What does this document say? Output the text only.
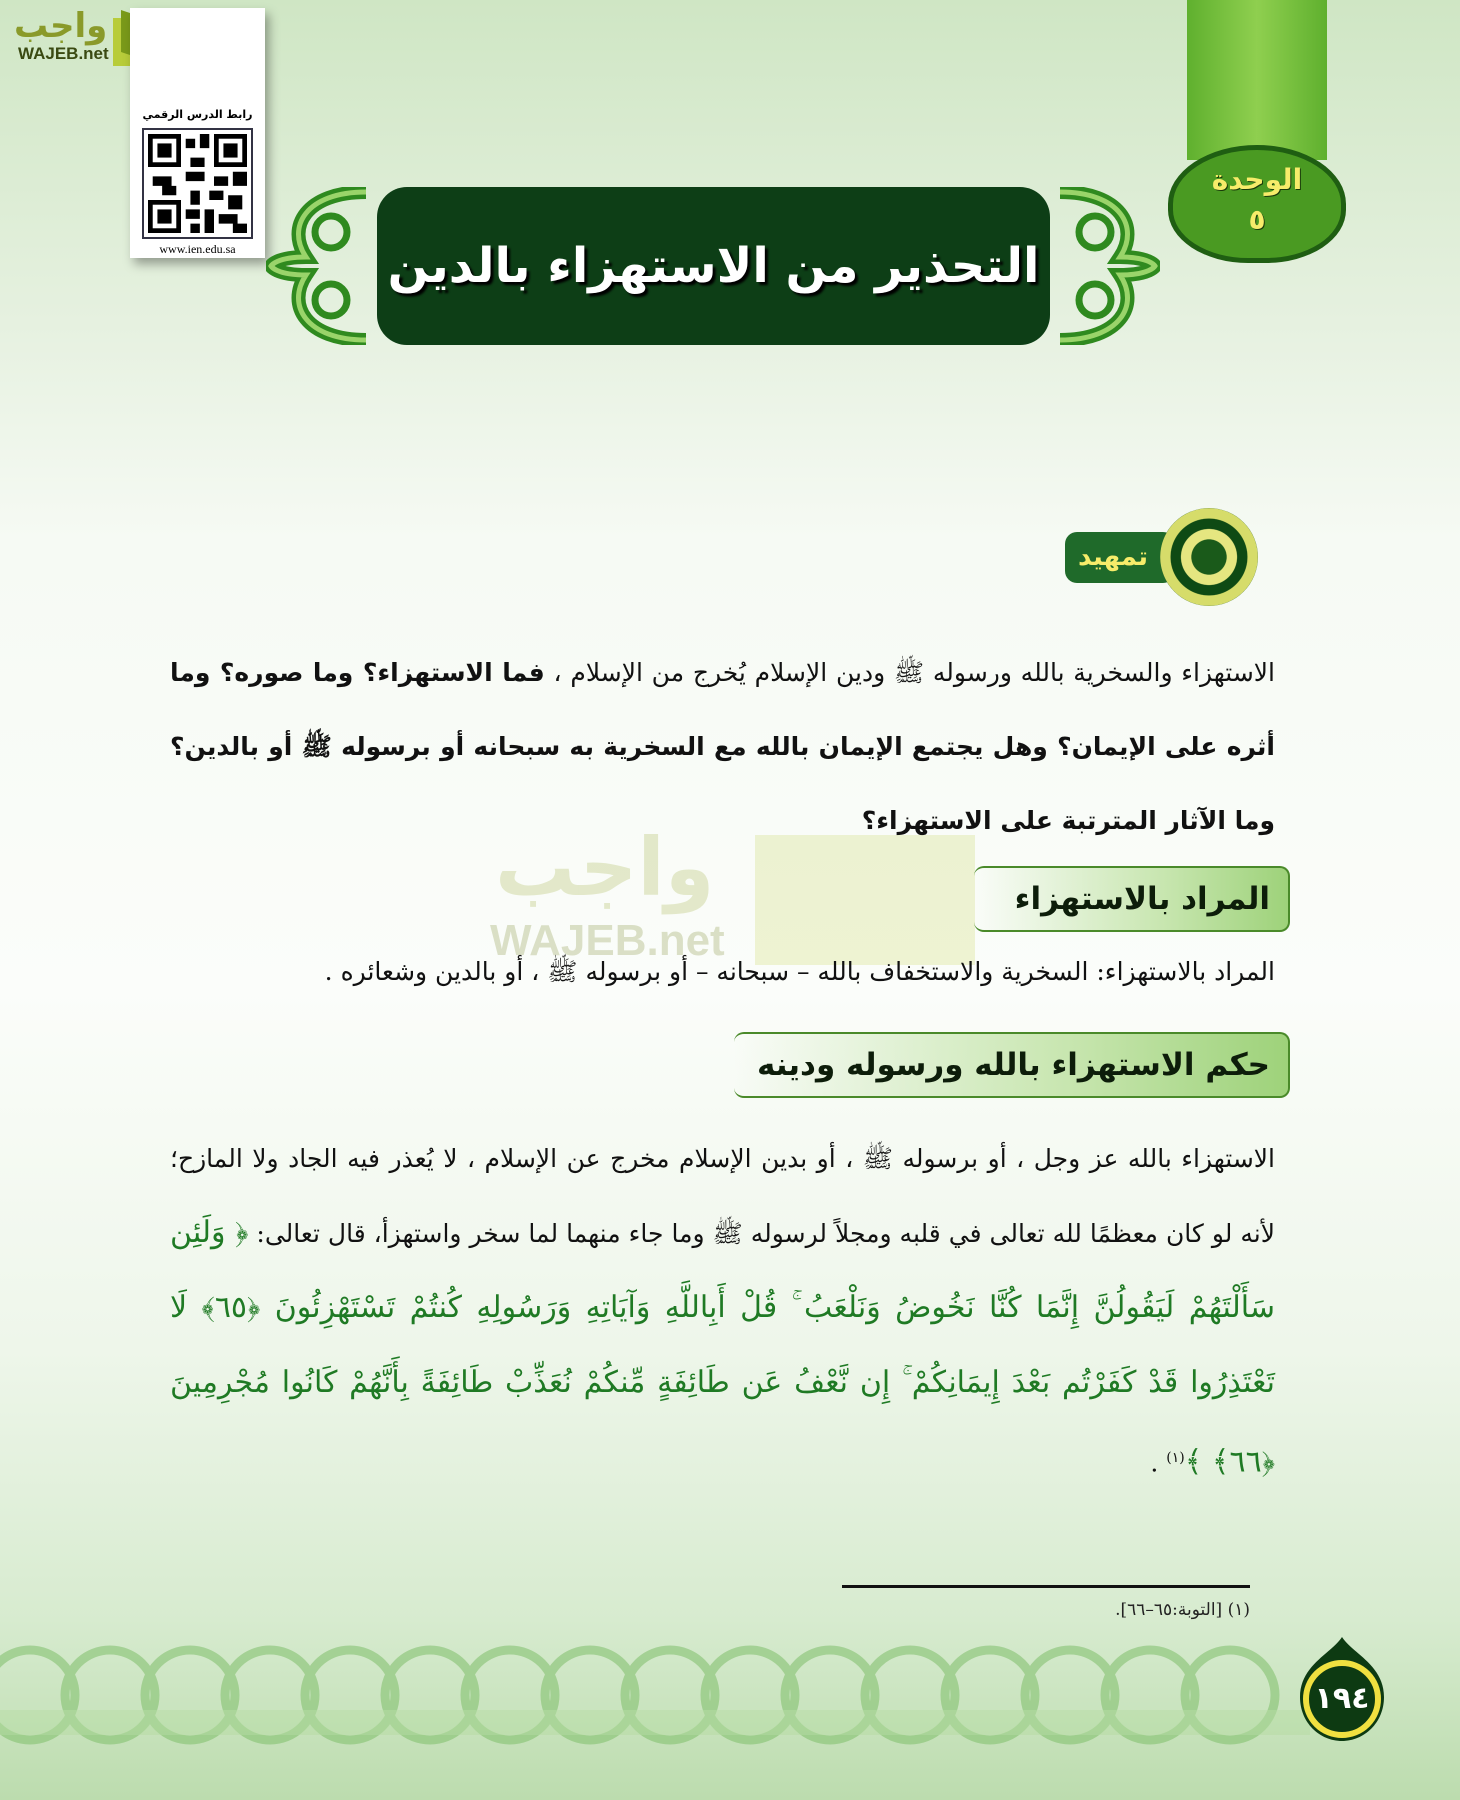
واجب
WAJEB.net
رابط الدرس الرقمي
www.ien.edu.sa
الوحدة
٥
التحذير من الاستهزاء بالدين
تمهيد
الاستهزاء والسخرية بالله ورسوله ﷺ ودين الإسلام يُخرج من الإسلام ، فما الاستهزاء؟ وما صوره؟ وما أثره على الإيمان؟ وهل يجتمع الإيمان بالله مع السخرية به سبحانه أو برسوله ﷺ أو بالدين؟ وما الآثار المترتبة على الاستهزاء؟
واجب
WAJEB.net
المراد بالاستهزاء
المراد بالاستهزاء: السخرية والاستخفاف بالله – سبحانه – أو برسوله ﷺ ، أو بالدين وشعائره .
حكم الاستهزاء بالله ورسوله ودينه
الاستهزاء بالله عز وجل ، أو برسوله ﷺ ، أو بدين الإسلام مخرج عن الإسلام ، لا يُعذر فيه الجاد ولا المازح؛ لأنه لو كان معظمًا لله تعالى في قلبه ومجلاً لرسوله ﷺ وما جاء منهما لما سخر واستهزأ، قال تعالى: ﴿ وَلَئِن سَأَلْتَهُمْ لَيَقُولُنَّ إِنَّمَا كُنَّا نَخُوضُ وَنَلْعَبُ ۚ قُلْ أَبِاللَّهِ وَآيَاتِهِ وَرَسُولِهِ كُنتُمْ تَسْتَهْزِئُونَ ﴿٦٥﴾ لَا تَعْتَذِرُوا قَدْ كَفَرْتُم بَعْدَ إِيمَانِكُمْ ۚ إِن نَّعْفُ عَن طَائِفَةٍ مِّنكُمْ نُعَذِّبْ طَائِفَةً بِأَنَّهُمْ كَانُوا مُجْرِمِينَ ﴿٦٦﴾ ﴾$^{(١)}$ .
(١) [التوبة:٦٥–٦٦].
١٩٤
